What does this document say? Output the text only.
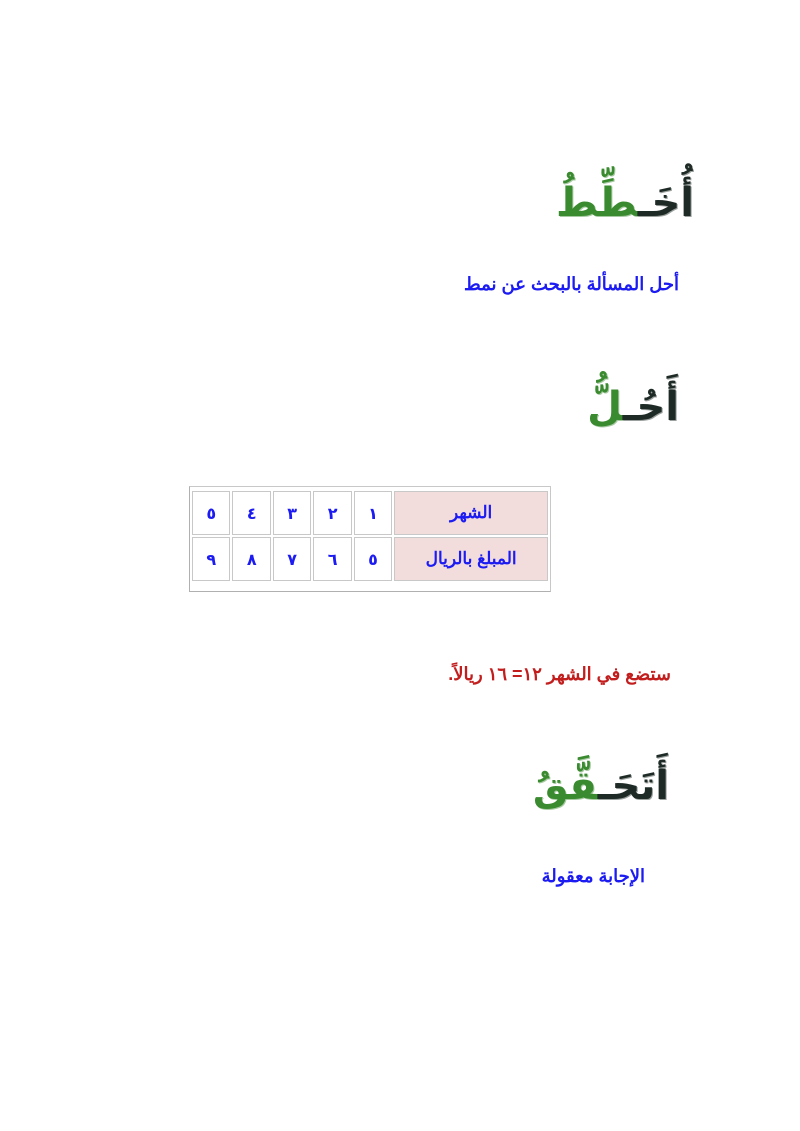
أُخَـطِّطُ
أحل المسألة بالبحث عن نمط
أَحُـلُّ
الشهر	١	٢	٣	٤	٥
المبلغ بالريال	٥	٦	٧	٨	٩
ستضع في الشهر ١٢= ١٦ ريالاً.
أَتَحَـقَّقُ
الإجابة معقولة
